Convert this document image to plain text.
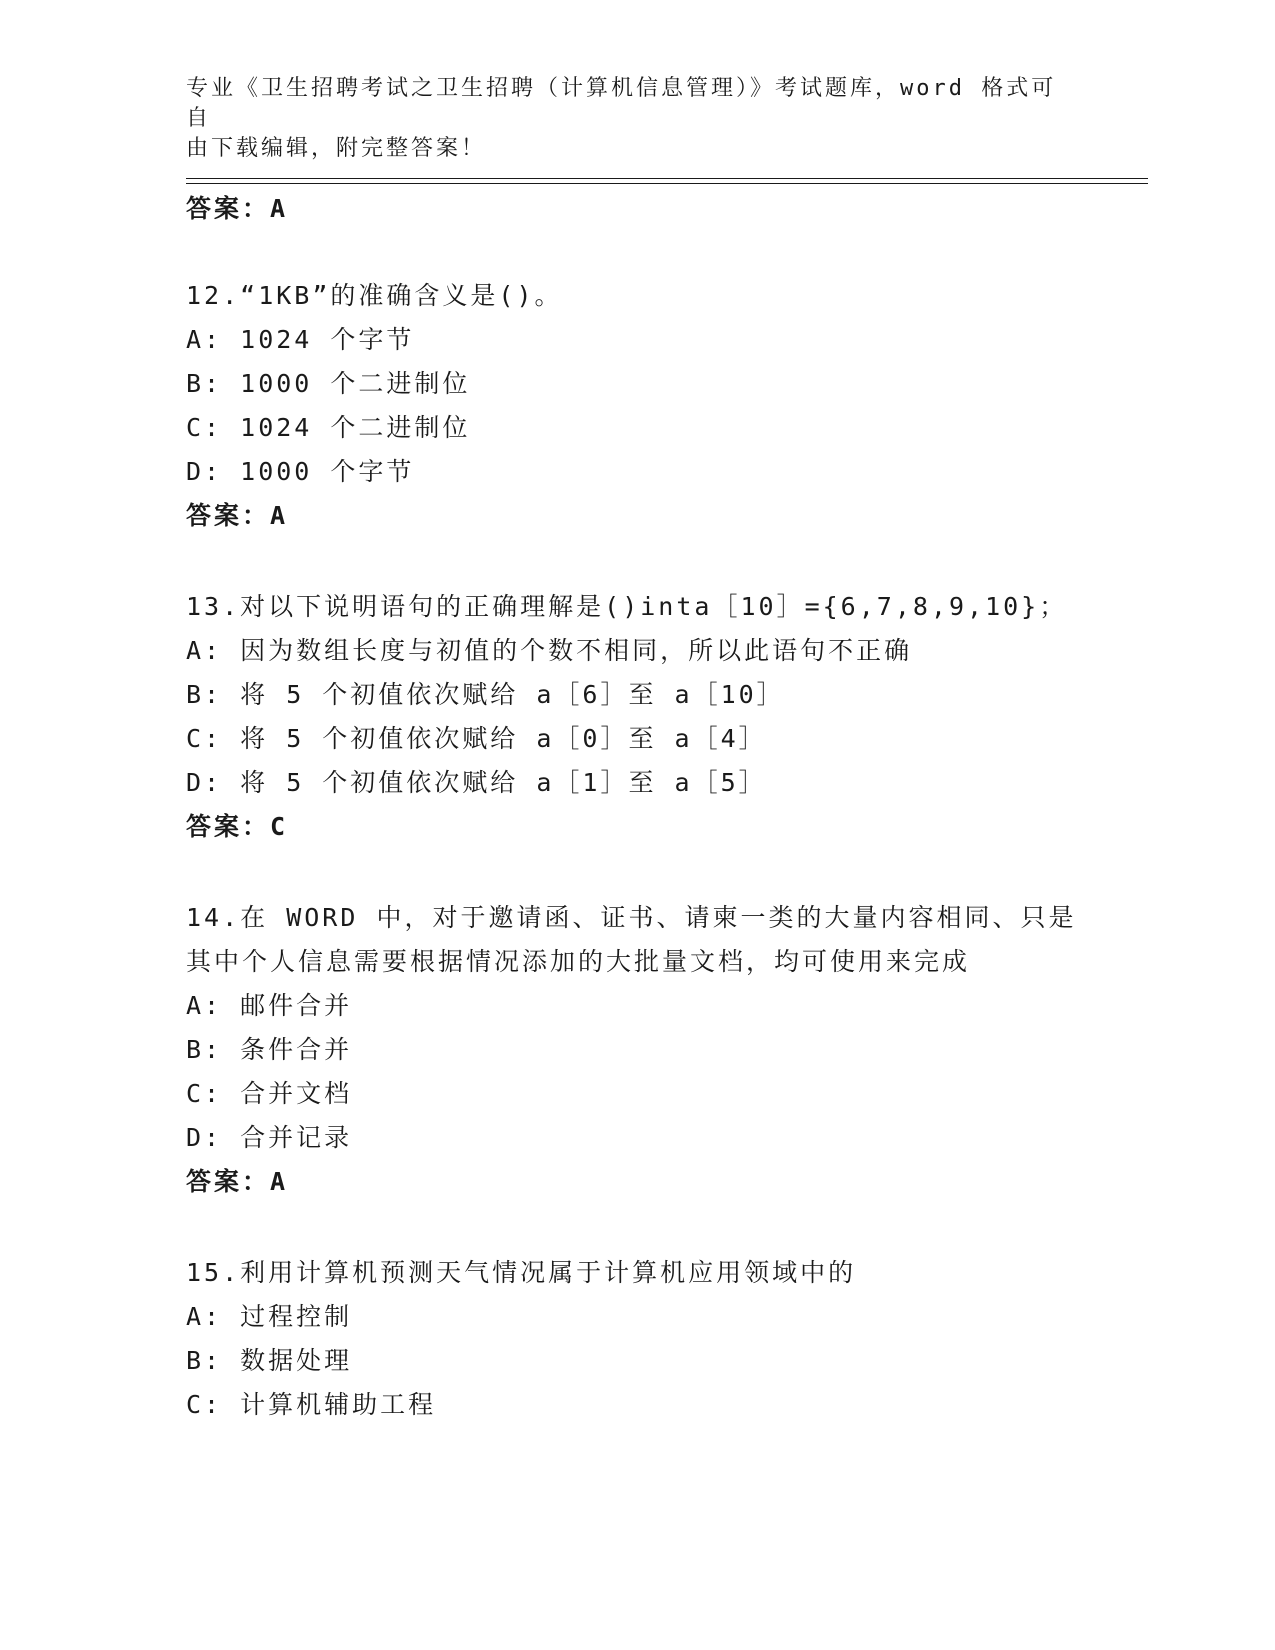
专业《卫生招聘考试之卫生招聘（计算机信息管理）》考试题库，word 格式可自
由下载编辑，附完整答案！
答案：A
12.“1KB”的准确含义是()。
A: 1024 个字节
B: 1000 个二进制位
C: 1024 个二进制位
D: 1000 个字节
答案：A
13.对以下说明语句的正确理解是()inta［10］={6,7,8,9,10}；
A: 因为数组长度与初值的个数不相同，所以此语句不正确
B: 将 5 个初值依次赋给 a［6］至 a［10］
C: 将 5 个初值依次赋给 a［0］至 a［4］
D: 将 5 个初值依次赋给 a［1］至 a［5］
答案：C
14.在 WORD 中，对于邀请函、证书、请柬一类的大量内容相同、只是
其中个人信息需要根据情况添加的大批量文档，均可使用来完成
A: 邮件合并
B: 条件合并
C: 合并文档
D: 合并记录
答案：A
15.利用计算机预测天气情况属于计算机应用领域中的
A: 过程控制
B: 数据处理
C: 计算机辅助工程
